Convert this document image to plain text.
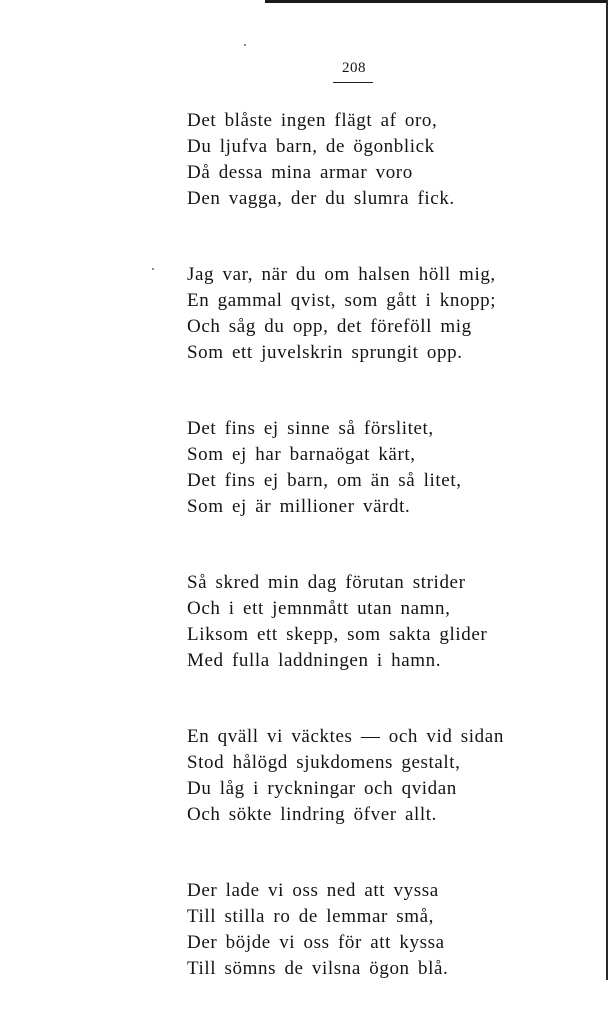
208
Det blåste ingen flägt af oro,
Du ljufva barn, de ögonblick
Då dessa mina armar voro
Den vagga, der du slumra fick.
Jag var, när du om halsen höll mig,
En gammal qvist, som gått i knopp;
Och såg du opp, det föreföll mig
Som ett juvelskrin sprungit opp.
Det fins ej sinne så förslitet,
Som ej har barnaögat kärt,
Det fins ej barn, om än så litet,
Som ej är millioner värdt.
Så skred min dag förutan strider
Och i ett jemnmått utan namn,
Liksom ett skepp, som sakta glider
Med fulla laddningen i hamn.
En qväll vi väcktes — och vid sidan
Stod hålögd sjukdomens gestalt,
Du låg i ryckningar och qvidan
Och sökte lindring öfver allt.
Der lade vi oss ned att vyssa
Till stilla ro de lemmar små,
Der böjde vi oss för att kyssa
Till sömns de vilsna ögon blå.
